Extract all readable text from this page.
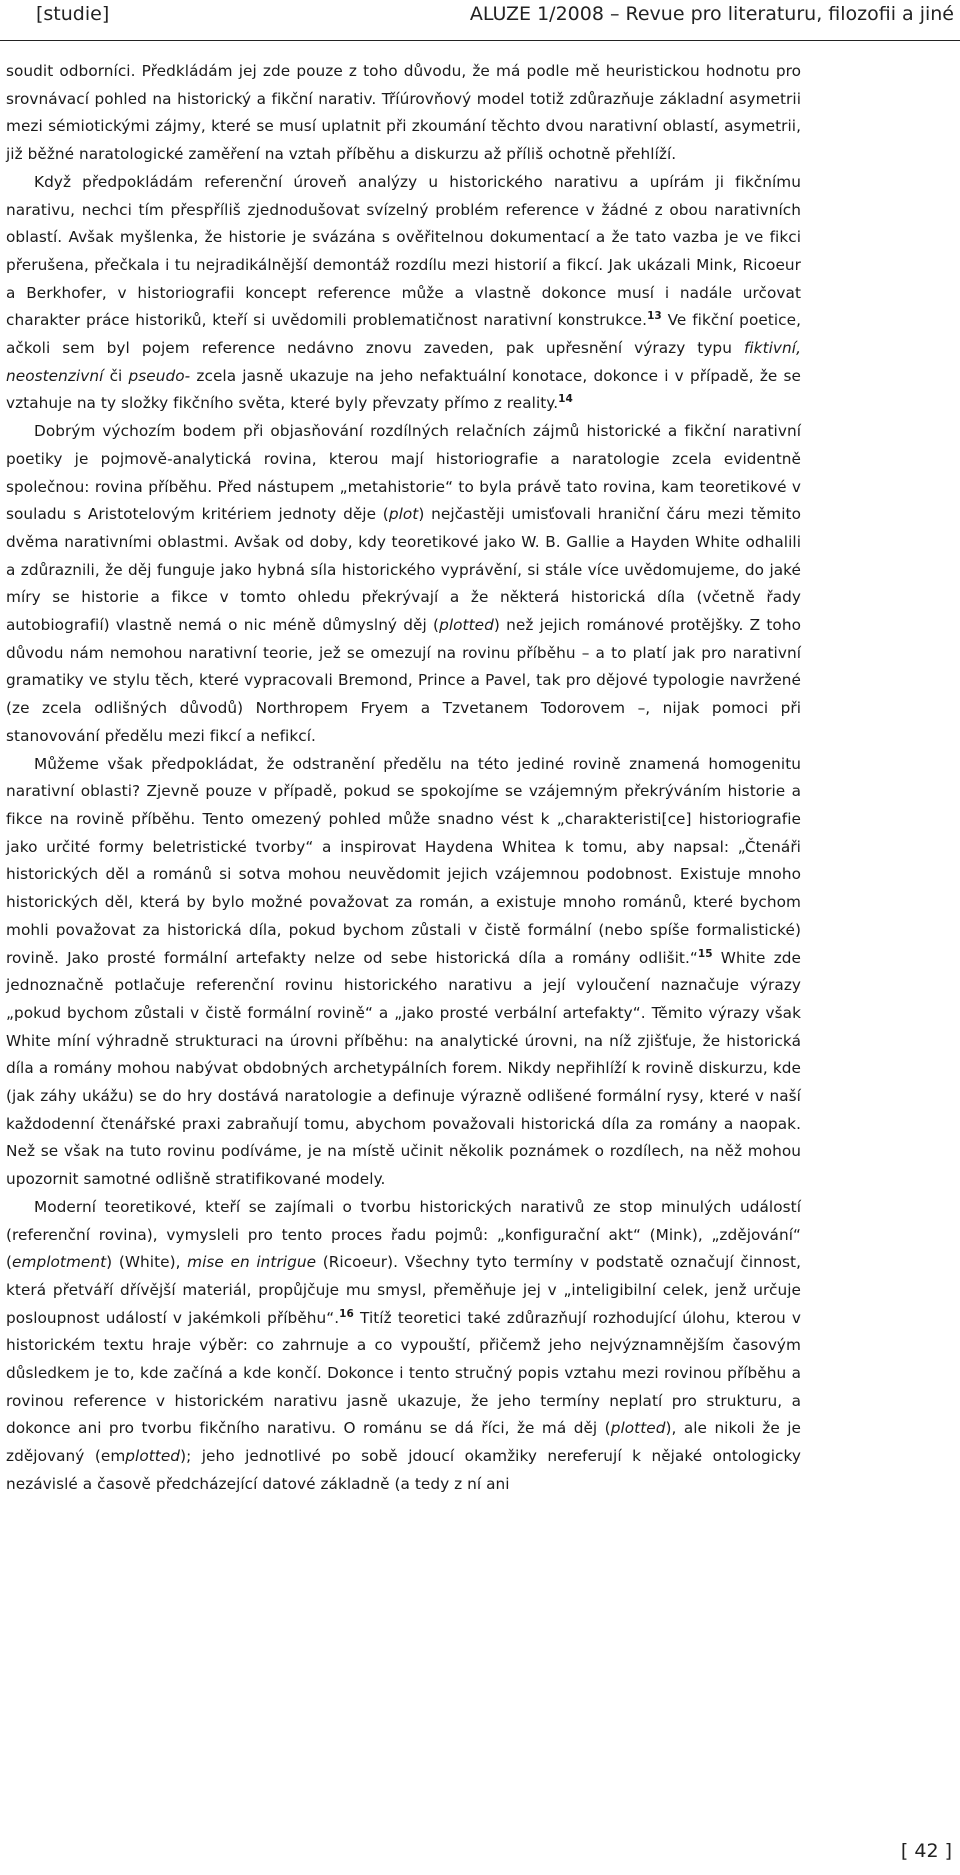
[studie]	ALUZE 1/2008 – Revue pro literaturu, filozofii a jiné

soudit odborníci. Předkládám jej zde pouze z toho důvodu, že má podle mě heuristickou hodnotu pro srovnávací pohled na historický a fikční narativ. Tříúrovňový model totiž zdůrazňuje základní asymetrii mezi sémiotickými zájmy, které se musí uplatnit při zkoumání těchto dvou narativní oblastí, asymetrii, již běžné naratologické zaměření na vztah příběhu a diskurzu až příliš ochotně přehlíží.

Když předpokládám referenční úroveň analýzy u historického narativu a upírám ji fikčnímu narativu, nechci tím přespříliš zjednodušovat svízelný problém reference v žádné z obou narativních oblastí. Avšak myšlenka, že historie je svázána s ověřitelnou dokumentací a že tato vazba je ve fikci přerušena, přečkala i tu nejradikálnější demontáž rozdílu mezi historií a fikcí. Jak ukázali Mink, Ricoeur a Berkhofer, v historiografii koncept reference může a vlastně dokonce musí i nadále určovat charakter práce historiků, kteří si uvědomili problematičnost narativní konstrukce.$^{13}$ Ve fikční poetice, ačkoli sem byl pojem reference nedávno znovu zaveden, pak upřesnění výrazy typu fiktivní, neostenzivní či pseudo- zcela jasně ukazuje na jeho nefaktuální konotace, dokonce i v případě, že se vztahuje na ty složky fikčního světa, které byly převzaty přímo z reality.$^{14}$

Dobrým výchozím bodem při objasňování rozdílných relačních zájmů historické a fikční narativní poetiky je pojmově-analytická rovina, kterou mají historiografie a naratologie zcela evidentně společnou: rovina příběhu. Před nástupem „metahistorie“ to byla právě tato rovina, kam teoretikové v souladu s Aristotelovým kritériem jednoty děje (plot) nejčastěji umisťovali hraniční čáru mezi těmito dvěma narativními oblastmi. Avšak od doby, kdy teoretikové jako W. B. Gallie a Hayden White odhalili a zdůraznili, že děj funguje jako hybná síla historického vyprávění, si stále více uvědomujeme, do jaké míry se historie a fikce v tomto ohledu překrývají a že některá historická díla (včetně řady autobiografií) vlastně nemá o nic méně důmyslný děj (plotted) než jejich románové protějšky. Z toho důvodu nám nemohou narativní teorie, jež se omezují na rovinu příběhu – a to platí jak pro narativní gramatiky ve stylu těch, které vypracovali Bremond, Prince a Pavel, tak pro dějové typologie navržené (ze zcela odlišných důvodů) Northropem Fryem a Tzvetanem Todorovem –, nijak pomoci při stanovování předělu mezi fikcí a nefikcí.

Můžeme však předpokládat, že odstranění předělu na této jediné rovině znamená homogenitu narativní oblasti? Zjevně pouze v případě, pokud se spokojíme se vzájemným překrýváním historie a fikce na rovině příběhu. Tento omezený pohled může snadno vést k „charakteristi[ce] historiografie jako určité formy beletristické tvorby“ a inspirovat Haydena Whitea k tomu, aby napsal: „Čtenáři historických děl a románů si sotva mohou neuvědomit jejich vzájemnou podobnost. Existuje mnoho historických děl, která by bylo možné považovat za román, a existuje mnoho románů, které bychom mohli považovat za historická díla, pokud bychom zůstali v čistě formální (nebo spíše formalistické) rovině. Jako prosté formální artefakty nelze od sebe historická díla a romány odlišit.“$^{15}$ White zde jednoznačně potlačuje referenční rovinu historického narativu a její vyloučení naznačuje výrazy „pokud bychom zůstali v čistě formální rovině“ a „jako prosté verbální artefakty“. Těmito výrazy však White míní výhradně strukturaci na úrovni příběhu: na analytické úrovni, na níž zjišťuje, že historická díla a romány mohou nabývat obdobných archetypálních forem. Nikdy nepřihlíží k rovině diskurzu, kde (jak záhy ukážu) se do hry dostává naratologie a definuje výrazně odlišené formální rysy, které v naší každodenní čtenářské praxi zabraňují tomu, abychom považovali historická díla za romány a naopak. Než se však na tuto rovinu podíváme, je na místě učinit několik poznámek o rozdílech, na něž mohou upozornit samotné odlišně stratifikované modely.

Moderní teoretikové, kteří se zajímali o tvorbu historických narativů ze stop minulých událostí (referenční rovina), vymysleli pro tento proces řadu pojmů: „konfigurační akt“ (Mink), „zdějování“ (emplotment) (White), mise en intrigue (Ricoeur). Všechny tyto termíny v podstatě označují činnost, která přetváří dřívější materiál, propůjčuje mu smysl, přeměňuje jej v „inteligibilní celek, jenž určuje posloupnost událostí v jakémkoli příběhu“.$^{16}$ Titíž teoretici také zdůrazňují rozhodující úlohu, kterou v historickém textu hraje výběr: co zahrnuje a co vypouští, přičemž jeho nejvýznamnějším časovým důsledkem je to, kde začíná a kde končí. Dokonce i tento stručný popis vztahu mezi rovinou příběhu a rovinou reference v historickém narativu jasně ukazuje, že jeho termíny neplatí pro strukturu, a dokonce ani pro tvorbu fikčního narativu. O románu se dá říci, že má děj (plotted), ale nikoli že je zdějovaný (emplotted); jeho jednotlivé po sobě jdoucí okamžiky nereferují k nějaké ontologicky nezávislé a časově předcházející datové základně (a tedy z ní ani

[ 42 ]
